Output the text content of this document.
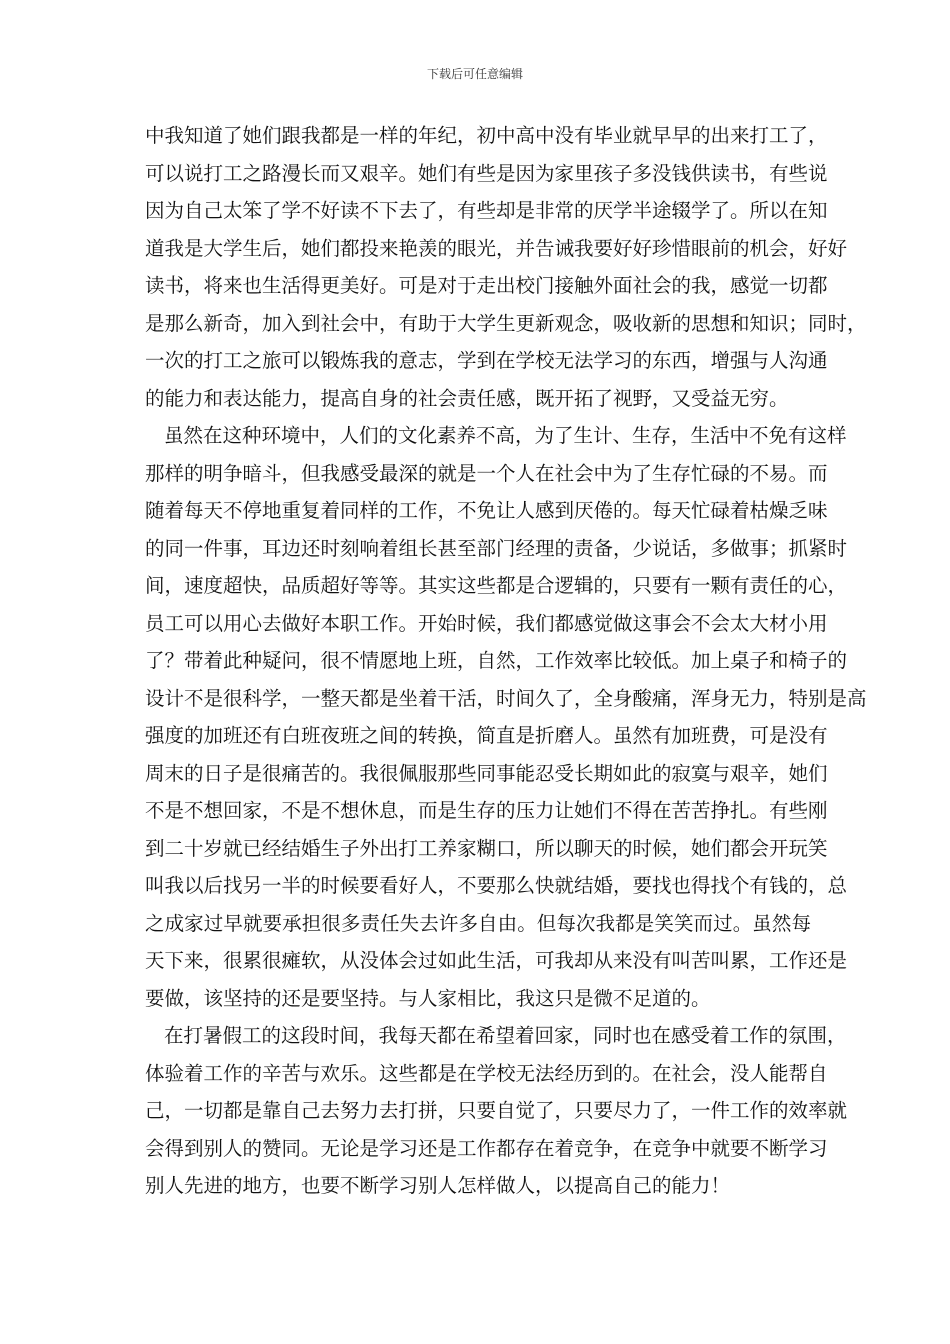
下载后可任意编辑
中我知道了她们跟我都是一样的年纪，初中高中没有毕业就早早的出来打工了，
可以说打工之路漫长而又艰辛。她们有些是因为家里孩子多没钱供读书，有些说
因为自己太笨了学不好读不下去了，有些却是非常的厌学半途辍学了。所以在知
道我是大学生后，她们都投来艳羡的眼光，并告诫我要好好珍惜眼前的机会，好好
读书，将来也生活得更美好。可是对于走出校门接触外面社会的我，感觉一切都
是那么新奇，加入到社会中，有助于大学生更新观念，吸收新的思想和知识；同时，
一次的打工之旅可以锻炼我的意志，学到在学校无法学习的东西，增强与人沟通
的能力和表达能力，提高自身的社会责任感，既开拓了视野，又受益无穷。
虽然在这种环境中，人们的文化素养不高，为了生计、生存，生活中不免有这样
那样的明争暗斗，但我感受最深的就是一个人在社会中为了生存忙碌的不易。而
随着每天不停地重复着同样的工作，不免让人感到厌倦的。每天忙碌着枯燥乏味
的同一件事，耳边还时刻响着组长甚至部门经理的责备，少说话，多做事；抓紧时
间，速度超快，品质超好等等。其实这些都是合逻辑的，只要有一颗有责任的心，
员工可以用心去做好本职工作。开始时候，我们都感觉做这事会不会太大材小用
了？带着此种疑问，很不情愿地上班，自然，工作效率比较低。加上桌子和椅子的
设计不是很科学，一整天都是坐着干活，时间久了，全身酸痛，浑身无力，特别是高
强度的加班还有白班夜班之间的转换，简直是折磨人。虽然有加班费，可是没有
周末的日子是很痛苦的。我很佩服那些同事能忍受长期如此的寂寞与艰辛，她们
不是不想回家，不是不想休息，而是生存的压力让她们不得在苦苦挣扎。有些刚
到二十岁就已经结婚生子外出打工养家糊口，所以聊天的时候，她们都会开玩笑
叫我以后找另一半的时候要看好人，不要那么快就结婚，要找也得找个有钱的，总
之成家过早就要承担很多责任失去许多自由。但每次我都是笑笑而过。虽然每
天下来，很累很瘫软，从没体会过如此生活，可我却从来没有叫苦叫累，工作还是
要做，该坚持的还是要坚持。与人家相比，我这只是微不足道的。
在打暑假工的这段时间，我每天都在希望着回家，同时也在感受着工作的氛围，
体验着工作的辛苦与欢乐。这些都是在学校无法经历到的。在社会，没人能帮自
己，一切都是靠自己去努力去打拼，只要自觉了，只要尽力了，一件工作的效率就
会得到别人的赞同。无论是学习还是工作都存在着竞争，在竞争中就要不断学习
别人先进的地方，也要不断学习别人怎样做人，以提高自己的能力！
